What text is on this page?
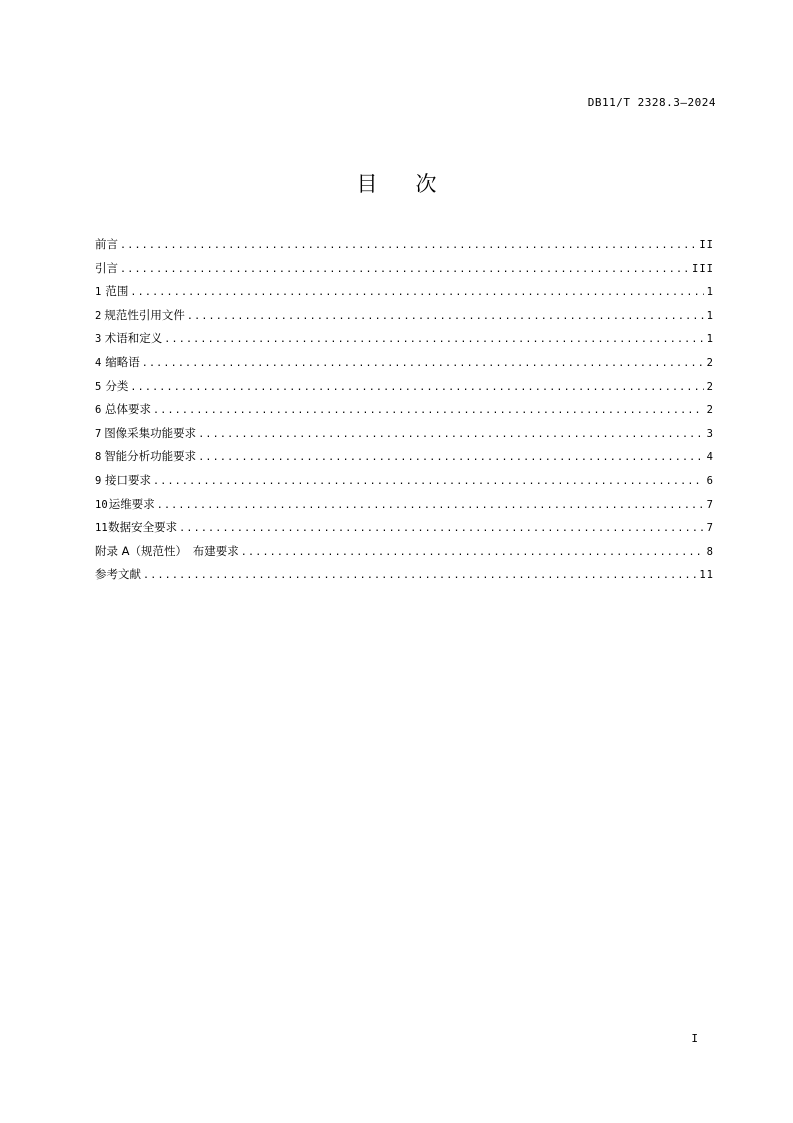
DB11/T 2328.3—2024
目次
前言 .....	II
引言 .....	III
1 范围 .....	1
2 规范性引用文件 .....	1
3 术语和定义 .....	1
4 缩略语 .....	2
5 分类 .....	2
6 总体要求 .....	2
7 图像采集功能要求 .....	3
8 智能分析功能要求 .....	4
9 接口要求 .....	6
10 运维要求 .....	7
11 数据安全要求 .....	7
附录 A（规范性）　布建要求 .....	8
参考文献 .....	11
I
